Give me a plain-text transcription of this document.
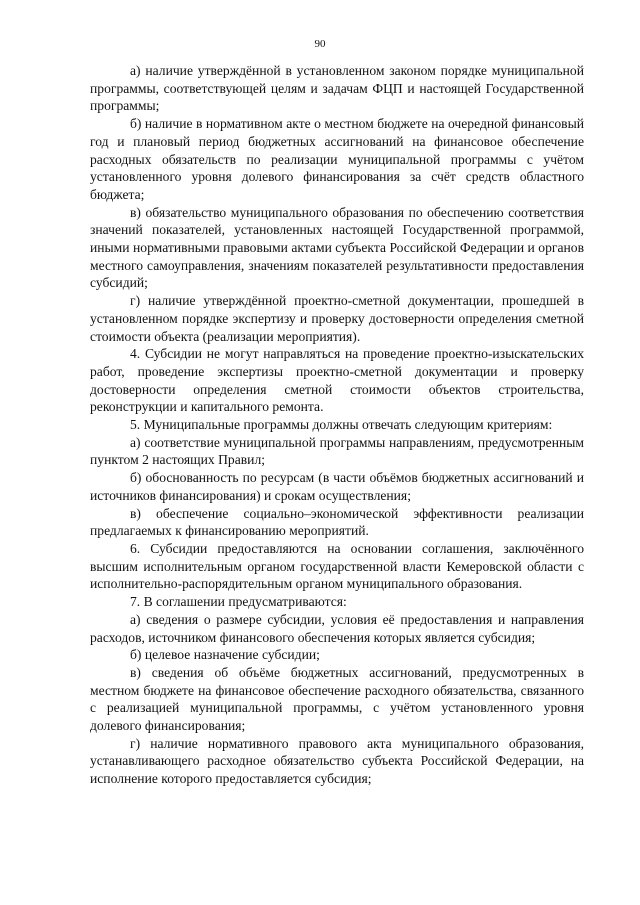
90

а) наличие утверждённой в установленном законом порядке муниципальной программы, соответствующей целям и задачам ФЦП и настоящей Государственной программы;

б) наличие в нормативном акте о местном бюджете на очередной финансовый год и плановый период бюджетных ассигнований на финансовое обеспечение расходных обязательств по реализации муниципальной программы с учётом установленного уровня долевого финансирования за счёт средств областного бюджета;

в) обязательство муниципального образования по обеспечению соответствия значений показателей, установленных настоящей Государственной программой, иными нормативными правовыми актами субъекта Российской Федерации и органов местного самоуправления, значениям показателей результативности предоставления субсидий;

г) наличие утверждённой проектно-сметной документации, прошедшей в установленном порядке экспертизу и проверку достоверности определения сметной стоимости объекта (реализации мероприятия).

4. Субсидии не могут направляться на проведение проектно-изыскательских работ, проведение экспертизы проектно-сметной документации и проверку достоверности определения сметной стоимости объектов строительства, реконструкции и капитального ремонта.

5. Муниципальные программы должны отвечать следующим критериям:

а) соответствие муниципальной программы направлениям, предусмотренным пунктом 2 настоящих Правил;

б) обоснованность по ресурсам (в части объёмов бюджетных ассигнований и источников финансирования) и срокам осуществления;

в) обеспечение социально–экономической эффективности реализации предлагаемых к финансированию мероприятий.

6. Субсидии предоставляются на основании соглашения, заключённого высшим исполнительным органом государственной власти Кемеровской области с исполнительно-распорядительным органом муниципального образования.

7. В соглашении предусматриваются:

а) сведения о размере субсидии, условия её предоставления и направления расходов, источником финансового обеспечения которых является субсидия;

б) целевое назначение субсидии;

в) сведения об объёме бюджетных ассигнований, предусмотренных в местном бюджете на финансовое обеспечение расходного обязательства, связанного с реализацией муниципальной программы, с учётом установленного уровня долевого финансирования;

г) наличие нормативного правового акта муниципального образования, устанавливающего расходное обязательство субъекта Российской Федерации, на исполнение которого предоставляется субсидия;
